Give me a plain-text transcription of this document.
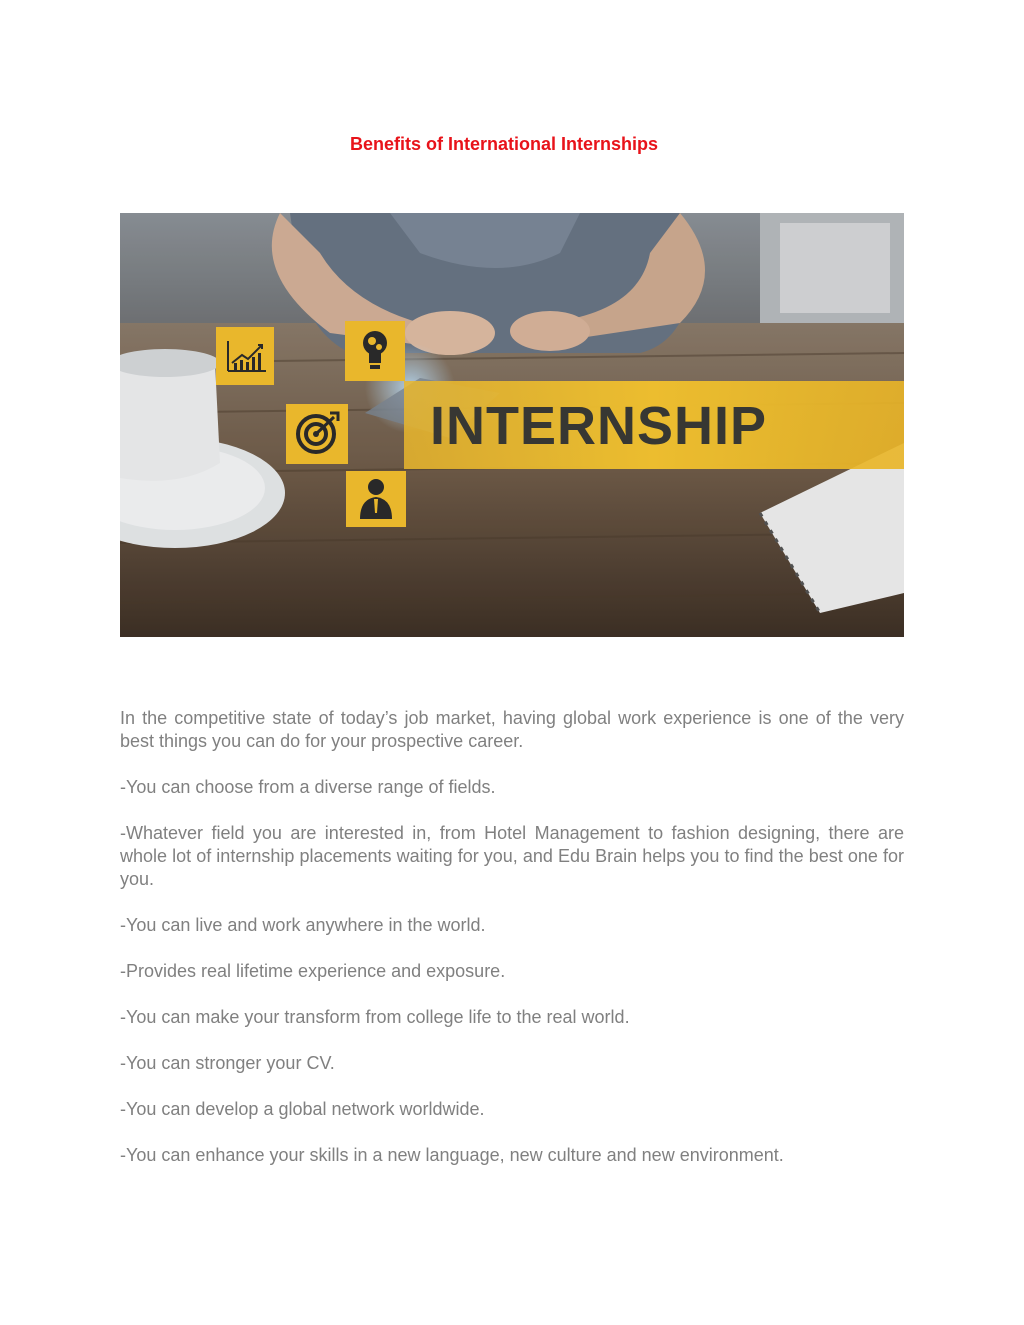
Benefits of International Internships
INTERNSHIP

In the competitive state of today’s job market, having global work experience is one of the very best things you can do for your prospective career.

-You can choose from a diverse range of fields.

-Whatever field you are interested in, from Hotel Management to fashion designing, there are whole lot of internship placements waiting for you, and Edu Brain helps you to find the best one for you.

-You can live and work anywhere in the world.

-Provides real lifetime experience and exposure.

-You can make your transform from college life to the real world.

-You can stronger your CV.

-You can develop a global network worldwide.

-You can enhance your skills in a new language, new culture and new environment.
